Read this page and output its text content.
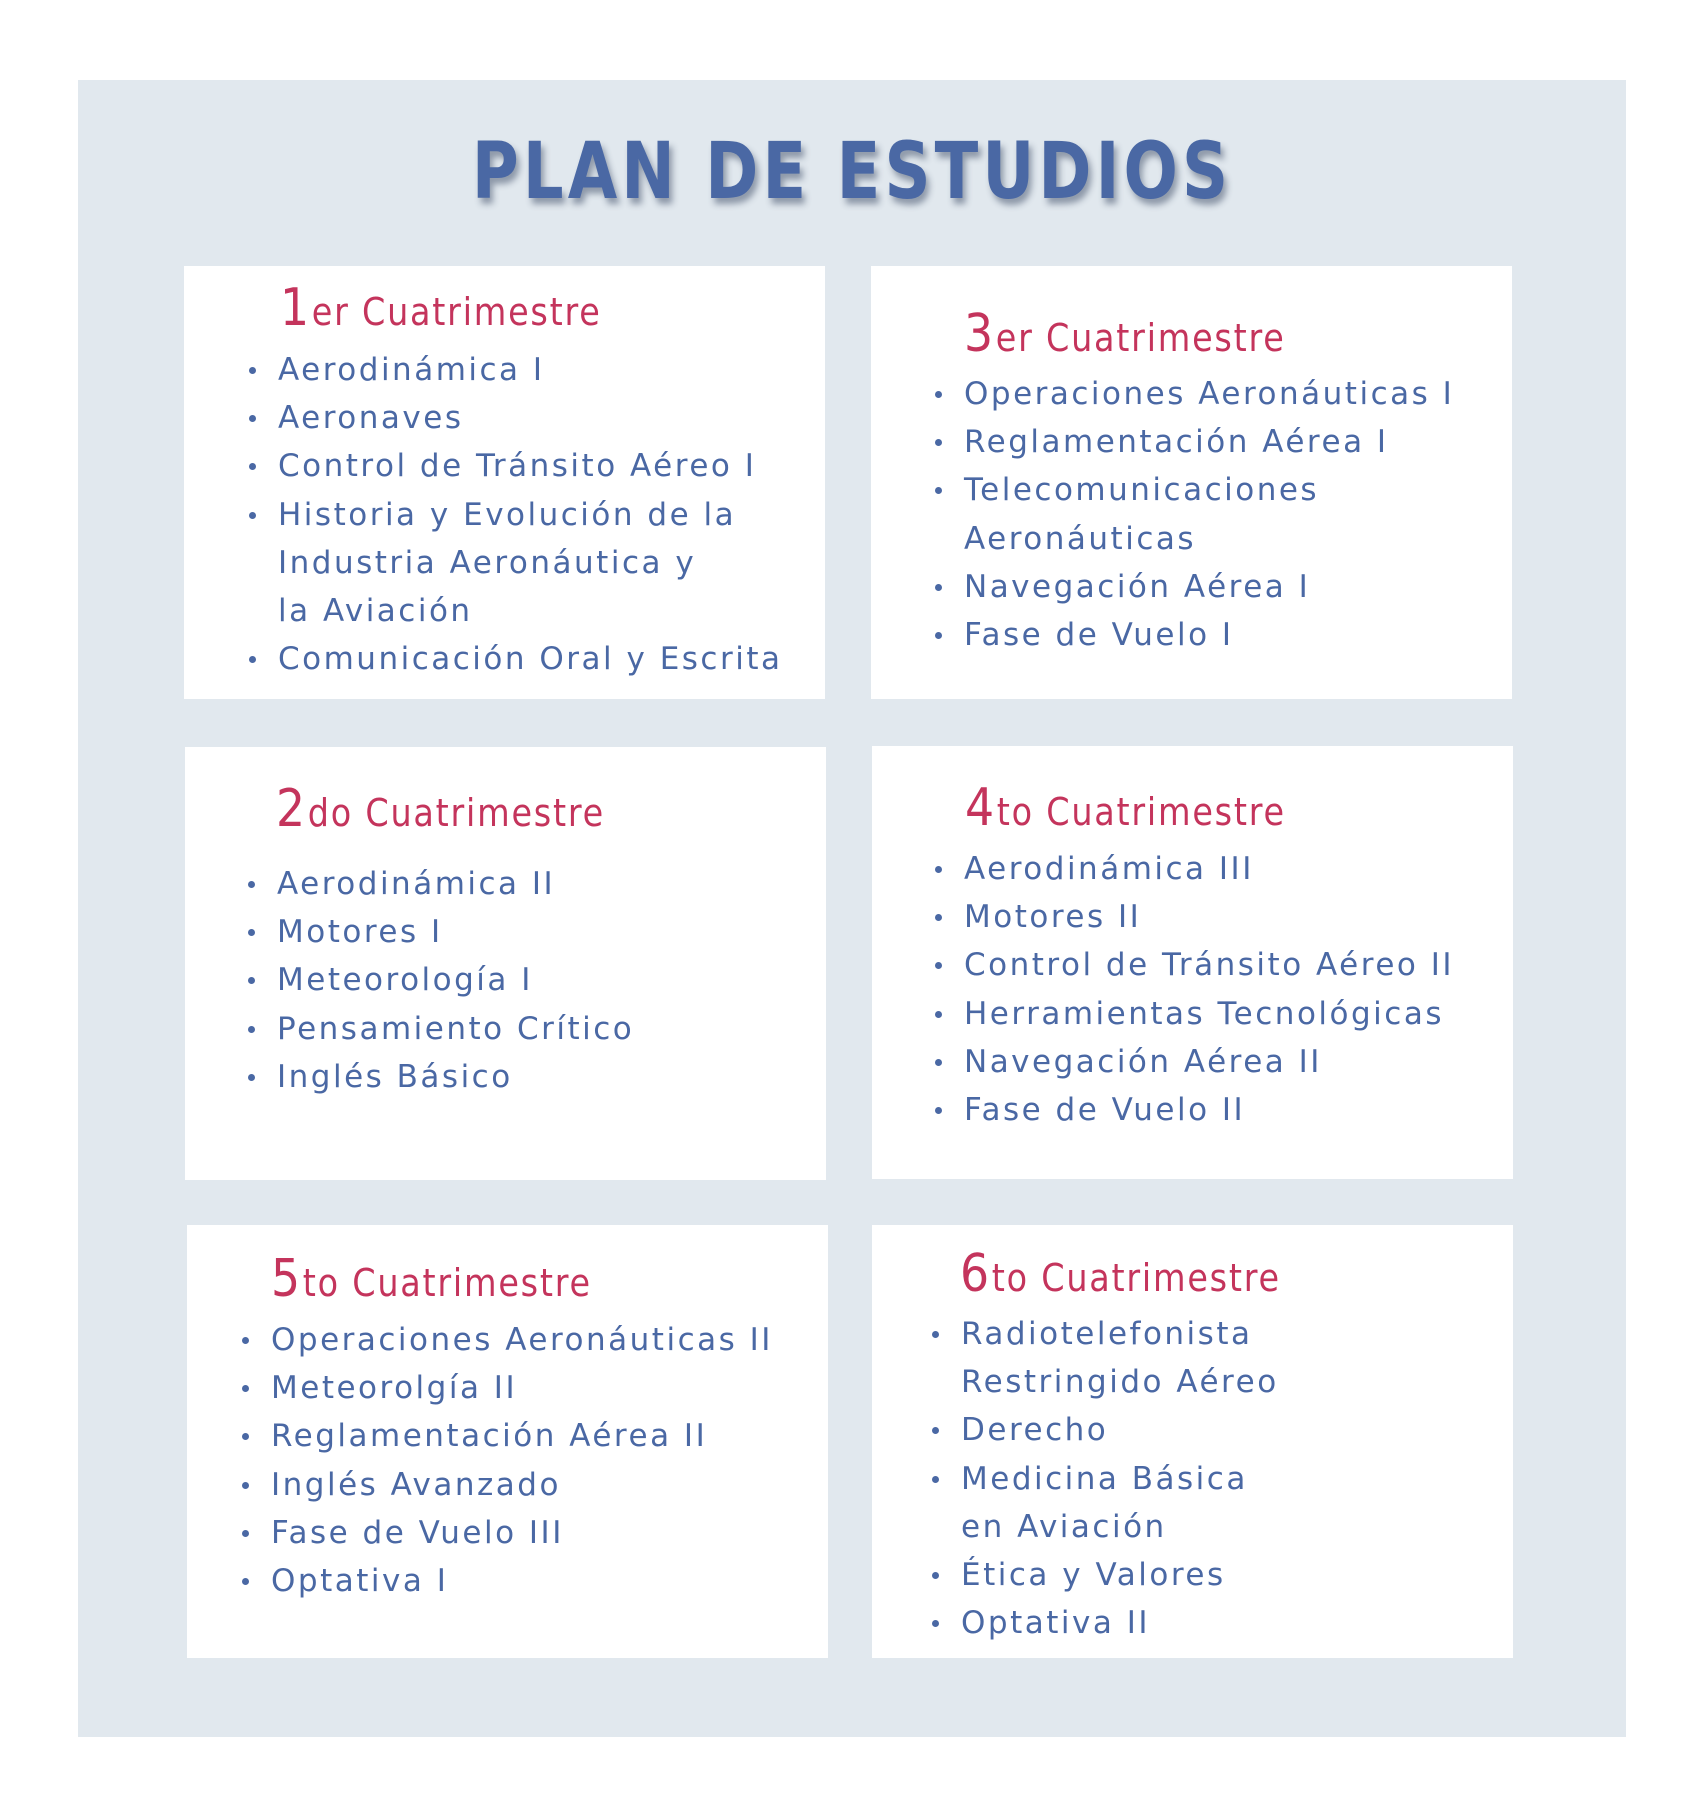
PLAN DE ESTUDIOS
1er Cuatrimestre
Aerodinámica I
Aeronaves
Control de Tránsito Aéreo I
Historia y Evolución de la
Industria Aeronáutica y
la Aviación
Comunicación Oral y Escrita
3er Cuatrimestre
Operaciones Aeronáuticas I
Reglamentación Aérea I
Telecomunicaciones
Aeronáuticas
Navegación Aérea I
Fase de Vuelo I
2do Cuatrimestre
Aerodinámica II
Motores I
Meteorología I
Pensamiento Crítico
Inglés Básico
4to Cuatrimestre
Aerodinámica III
Motores II
Control de Tránsito Aéreo II
Herramientas Tecnológicas
Navegación Aérea II
Fase de Vuelo II
5to Cuatrimestre
Operaciones Aeronáuticas II
Meteorolgía II
Reglamentación Aérea II
Inglés Avanzado
Fase de Vuelo III
Optativa I
6to Cuatrimestre
Radiotelefonista
Restringido Aéreo
Derecho
Medicina Básica
en Aviación
Ética y Valores
Optativa II
